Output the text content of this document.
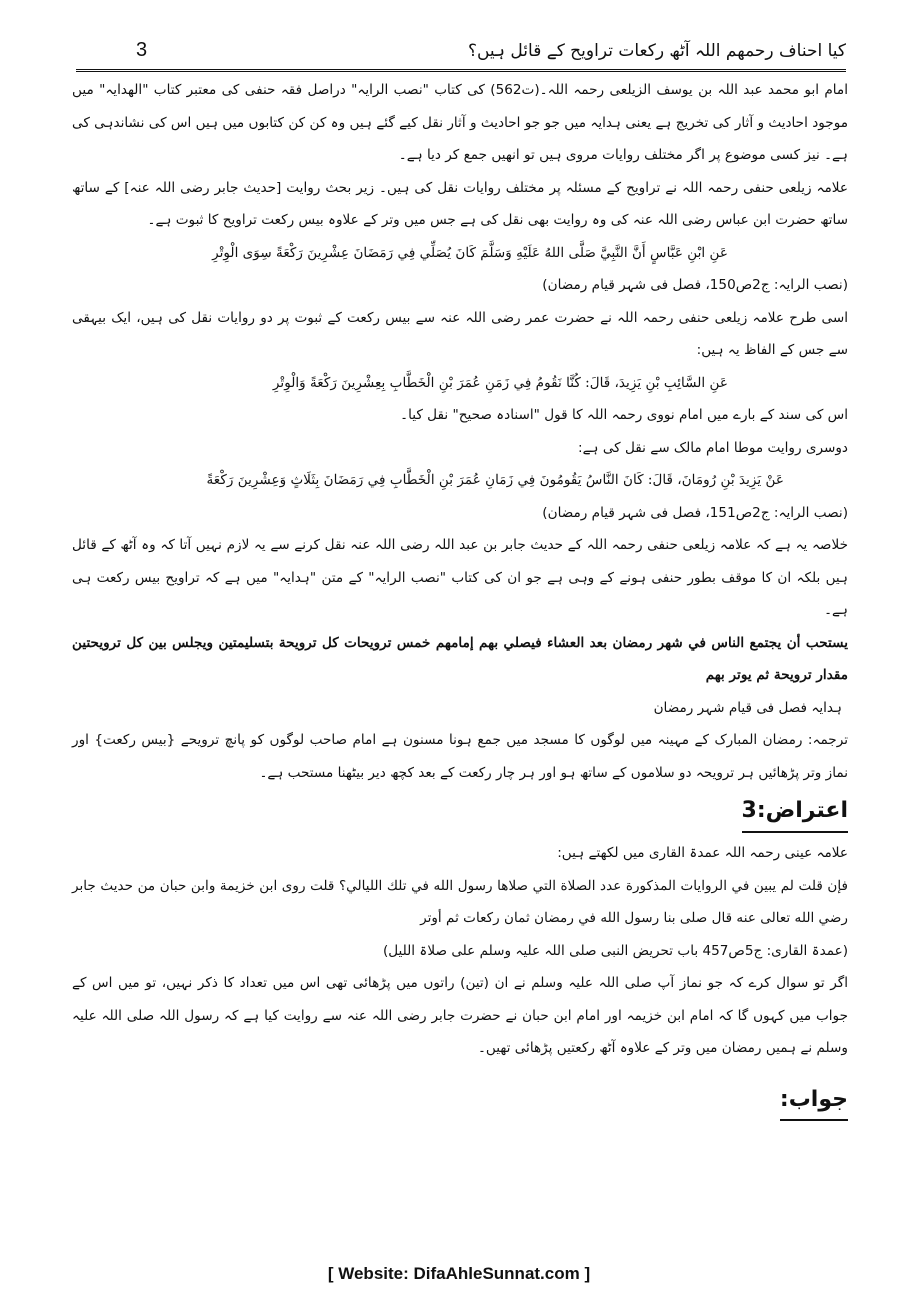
3	کیا احناف رحمھم اللہ آٹھ رکعات تراویح کے قائل ہیں؟

امام ابو محمد عبد اللہ بن یوسف الزیلعی رحمہ اللہ۔(ت562) کی کتاب "نصب الرایہ" دراصل فقہ حنفی کی معتبر کتاب "الھدایہ" میں موجود احادیث و آثار کی تخریج ہے یعنی ہدایہ میں جو جو احادیث و آثار نقل کیے گئے ہیں وہ کن کن کتابوں میں ہیں اس کی نشاندہی کی ہے۔ نیز کسی موضوع پر اگر مختلف روایات مروی ہیں تو انھیں جمع کر دیا ہے۔

علامہ زیلعی حنفی رحمہ اللہ نے تراویح کے مسئلہ پر مختلف روایات نقل کی ہیں۔ زیر بحث روایت [حدیث جابر رضی اللہ عنہ] کے ساتھ ساتھ حضرت ابن عباس رضی اللہ عنہ کی وہ روایت بھی نقل کی ہے جس میں وتر کے علاوہ بیس رکعت تراویح کا ثبوت ہے۔

عَنِ ابْنِ عَبَّاسٍ أَنَّ النَّبِيَّ صَلَّى اللهُ عَلَيْهِ وَسَلَّمَ كَانَ يُصَلِّي فِي رَمَضَانَ عِشْرِينَ رَكْعَةً سِوَى الْوِتْرِ

(نصب الرایہ: ج2ص150، فصل فی شہر قیام رمضان)

اسی طرح علامہ زیلعی حنفی رحمہ اللہ نے حضرت عمر رضی اللہ عنہ سے بیس رکعت کے ثبوت پر دو روایات نقل کی ہیں، ایک بیہقی سے جس کے الفاظ یہ ہیں:

عَنِ السَّائِبِ بْنِ يَزِيدَ، قَالَ: كُنَّا نَقُومُ فِي زَمَنِ عُمَرَ بْنِ الْخَطَّابِ بِعِشْرِينَ رَكْعَةً وَالْوِتْرِ

اس کی سند کے بارے میں امام نووی رحمہ اللہ کا قول "اسنادہ صحیح" نقل کیا۔

دوسری روایت موطا امام مالک سے نقل کی ہے:

عَنْ يَزِيدَ بْنِ رُومَانَ، قَالَ: كَانَ النَّاسُ يَقُومُونَ فِي زَمَانِ عُمَرَ بْنِ الْخَطَّابِ فِي رَمَضَانَ بِثَلَاثٍ وَعِشْرِينَ رَكْعَةً

(نصب الرایہ: ج2ص151، فصل فی شہر قیام رمضان)

خلاصہ یہ ہے کہ علامہ زیلعی حنفی رحمہ اللہ کے حدیث جابر بن عبد اللہ رضی اللہ عنہ نقل کرنے سے یہ لازم نہیں آتا کہ وہ آٹھ کے قائل ہیں بلکہ ان کا موقف بطور حنفی ہونے کے وہی ہے جو ان کی کتاب "نصب الرایہ" کے متن "ہدایہ" میں ہے کہ تراویح بیس رکعت ہی ہے۔

يستحب أن يجتمع الناس في شهر رمضان بعد العشاء فيصلي بهم إمامهم خمس ترويحات كل ترويحة بتسليمتين ويجلس بين كل ترويحتين مقدار ترويحة ثم يوتر بهم

ہدایہ فصل فی قیام شہر رمضان

ترجمہ: رمضان المبارک کے مہینہ میں لوگوں کا مسجد میں جمع ہونا مسنون ہے امام صاحب لوگوں کو پانچ ترویحے {بیس رکعت} اور نماز وتر پڑھائیں ہر ترویحہ دو سلاموں کے ساتھ ہو اور ہر چار رکعت کے بعد کچھ دیر بیٹھنا مستحب ہے۔

اعتراض:3

علامہ عینی رحمہ اللہ عمدۃ القاری میں لکھتے ہیں:

فإن قلت لم يبين في الروايات المذكورة عدد الصلاة التي صلاها رسول الله في تلك الليالي؟ قلت روى ابن خزيمة وابن حبان من حديث جابر رضي الله تعالى عنه قال صلى بنا رسول الله في رمضان ثمان ركعات ثم أوتر

(عمدۃ القاری: ج5ص457 باب تحریض النبی صلی اللہ علیہ وسلم علی صلاۃ اللیل)

اگر تو سوال کرے کہ جو نماز آپ صلی اللہ علیہ وسلم نے ان (تین) راتوں میں پڑھائی تھی اس میں تعداد کا ذکر نہیں، تو میں اس کے جواب میں کہوں گا کہ امام ابن خزیمہ اور امام ابن حبان نے حضرت جابر رضی اللہ عنہ سے روایت کیا ہے کہ رسول اللہ صلی اللہ علیہ وسلم نے ہمیں رمضان میں وتر کے علاوہ آٹھ رکعتیں پڑھائی تھیں۔

جواب:
[ Website: DifaAhleSunnat.com ]
